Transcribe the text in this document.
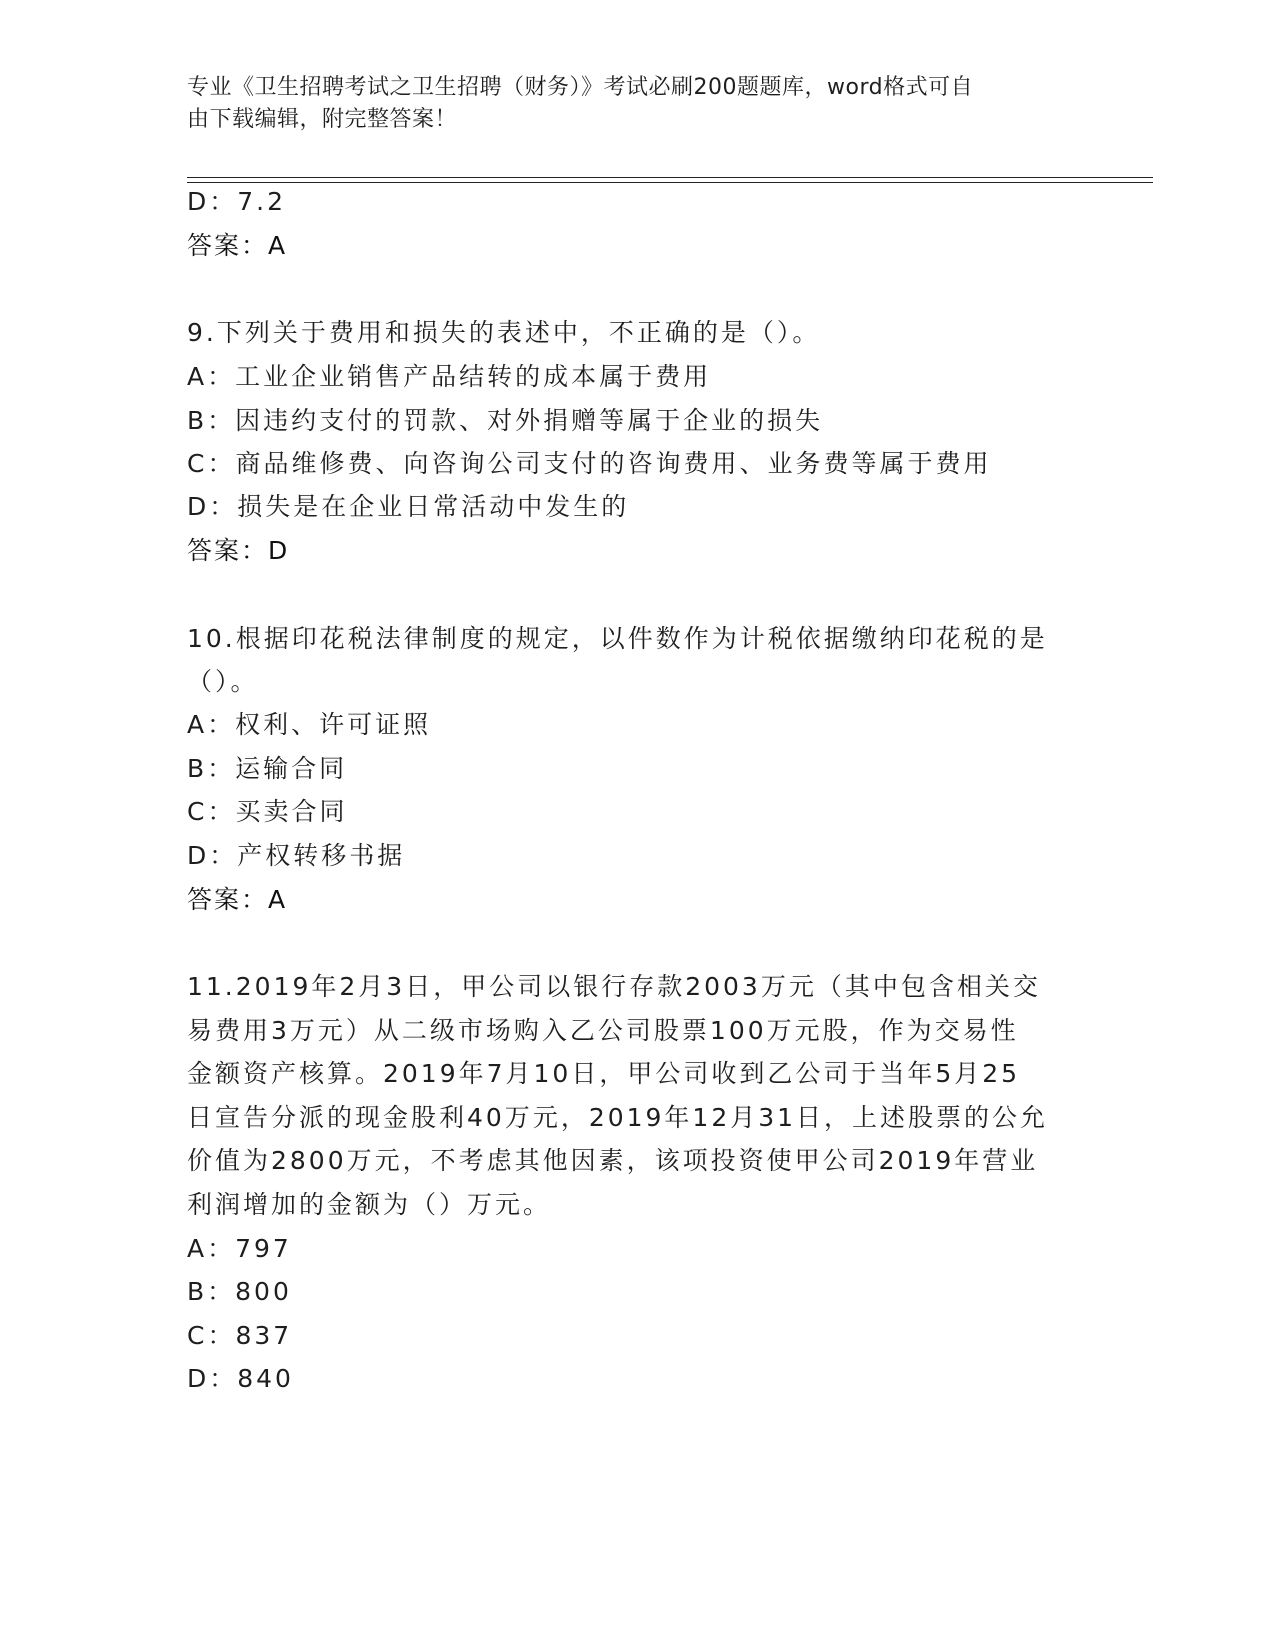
专业《卫生招聘考试之卫生招聘（财务）》考试必刷200题题库，word格式可自
由下载编辑，附完整答案！
D：7.2
答案：A
9.下列关于费用和损失的表述中，不正确的是（）。
A：工业企业销售产品结转的成本属于费用
B：因违约支付的罚款、对外捐赠等属于企业的损失
C：商品维修费、向咨询公司支付的咨询费用、业务费等属于费用
D：损失是在企业日常活动中发生的
答案：D
10.根据印花税法律制度的规定，以件数作为计税依据缴纳印花税的是
（）。
A：权利、许可证照
B：运输合同
C：买卖合同
D：产权转移书据
答案：A
11.2019年2月3日，甲公司以银行存款2003万元（其中包含相关交
易费用3万元）从二级市场购入乙公司股票100万元股，作为交易性
金额资产核算。2019年7月10日，甲公司收到乙公司于当年5月25
日宣告分派的现金股利40万元，2019年12月31日，上述股票的公允
价值为2800万元，不考虑其他因素，该项投资使甲公司2019年营业
利润增加的金额为（）万元。
A：797
B：800
C：837
D：840
